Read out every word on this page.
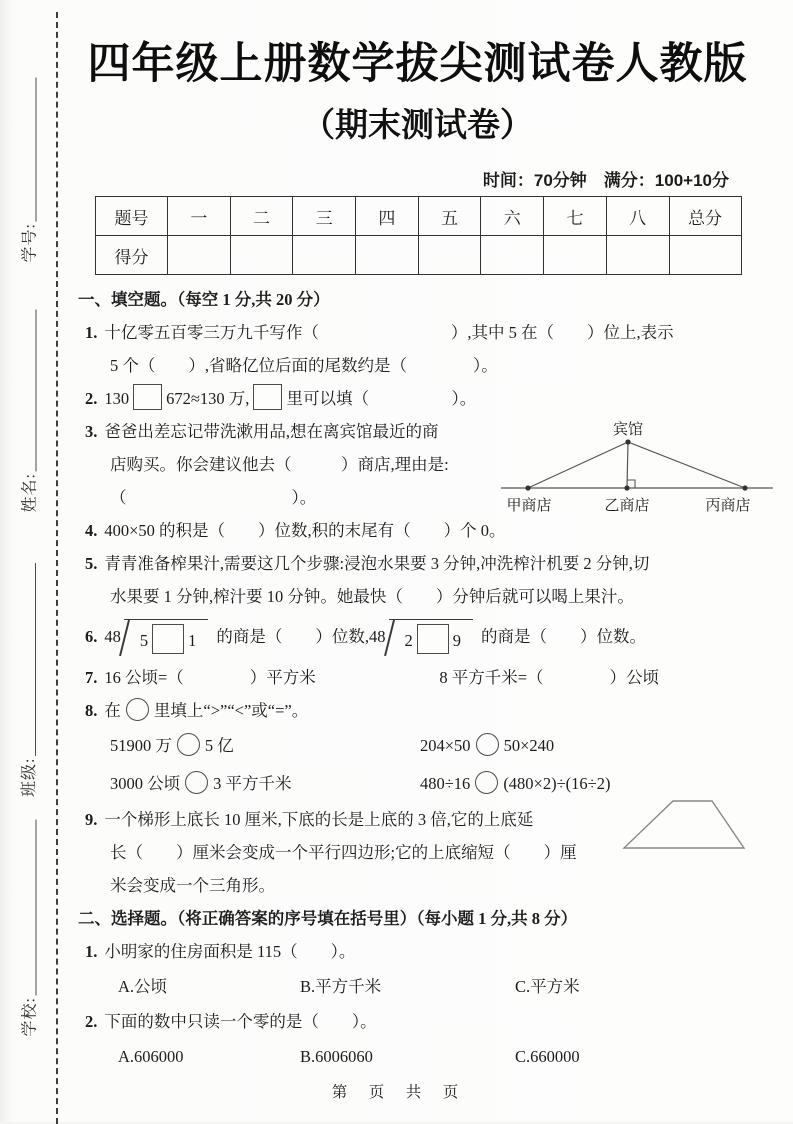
学号:
姓名:
班级:
学校:
四年级上册数学拔尖测试卷人教版
（期末测试卷）
时间：70分钟　满分：100+10分
题号	一	二	三	四	五	六	七	八	总分
得分									
一、填空题。（每空 1 分,共 20 分）
1. 十亿零五百零三万九千写作（　　　　　　　　）,其中 5 在（　　）位上,表示
5 个（　　）,省略亿位后面的尾数约是（　　　　）。
2. 130 672≈130 万, 里可以填（　　　　　）。
3. 爸爸出差忘记带洗漱用品,想在离宾馆最近的商
店购买。你会建议他去（　　　）商店,理由是:
（　　　　　　　　　　）。
4. 400×50 的积是（　　）位数,积的末尾有（　　）个 0。
5. 青青准备榨果汁,需要这几个步骤:浸泡水果要 3 分钟,冲洗榨汁机要 2 分钟,切
水果要 1 分钟,榨汁要 10 分钟。她最快（　　）分钟后就可以喝上果汁。
6. 48 5 1 的商是（　　）位数,48 2 9 的商是（　　）位数。
7. 16 公顷=（　　　　）平方米	8 平方千米=（　　　　）公顷
8. 在 里填上“>”“<”或“=”。
51900 万 5 亿	204×50 50×240
3000 公顷 3 平方千米	480÷16 (480×2)÷(16÷2)
9. 一个梯形上底长 10 厘米,下底的长是上底的 3 倍,它的上底延
长（　　）厘米会变成一个平行四边形;它的上底缩短（　　）厘
米会变成一个三角形。
二、选择题。（将正确答案的序号填在括号里）（每小题 1 分,共 8 分）
1. 小明家的住房面积是 115（　　）。
A.公顷	B.平方千米	C.平方米
2. 下面的数中只读一个零的是（　　）。
A.606000	B.6006060	C.660000
宾馆
甲商店	乙商店	丙商店
第　页　共　页
